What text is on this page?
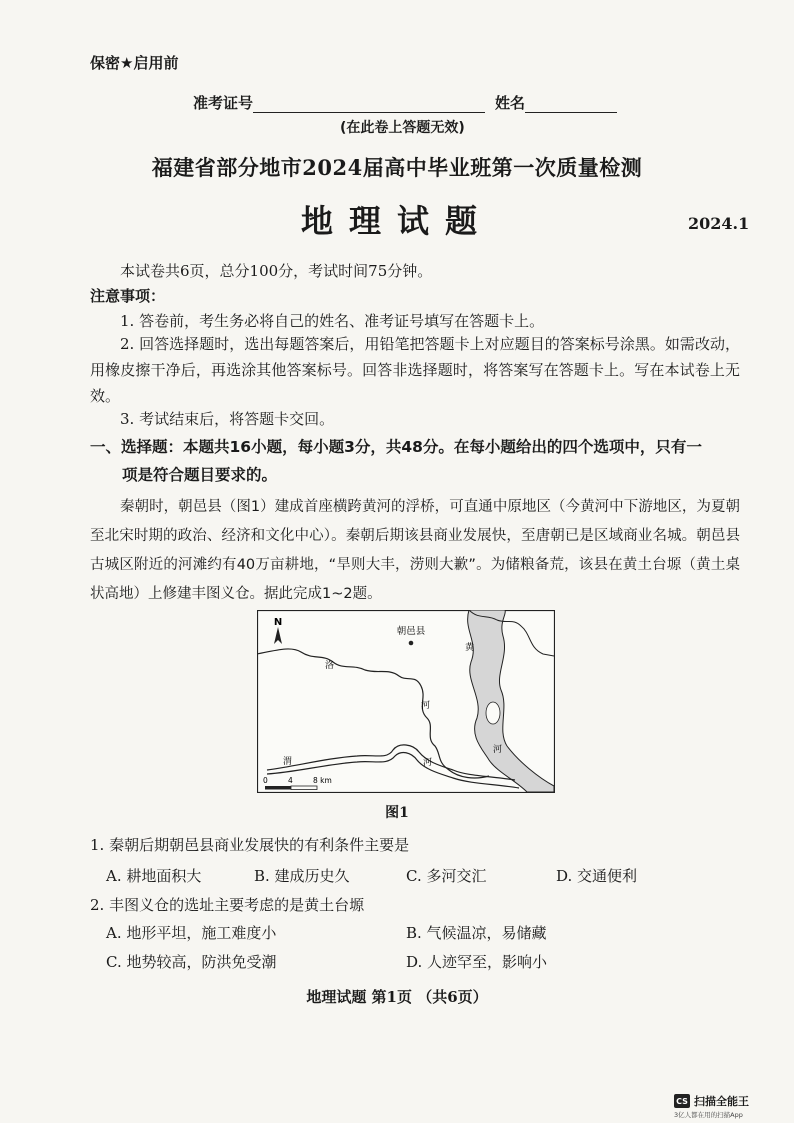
保密★启用前
准考证号	姓名
(在此卷上答题无效)
福建省部分地市2024届高中毕业班第一次质量检测
地理试题	2024.1
本试卷共6页，总分100分，考试时间75分钟。
注意事项：
1. 答卷前，考生务必将自己的姓名、准考证号填写在答题卡上。
2. 回答选择题时，选出每题答案后，用铅笔把答题卡上对应题目的答案标号涂黑。如需改动，用橡皮擦干净后，再选涂其他答案标号。回答非选择题时，将答案写在答题卡上。写在本试卷上无效。
3. 考试结束后，将答题卡交回。
一、选择题：本题共16小题，每小题3分，共48分。在每小题给出的四个选项中，只有一
项是符合题目要求的。
秦朝时，朝邑县（图1）建成首座横跨黄河的浮桥，可直通中原地区（今黄河中下游地区，为夏朝至北宋时期的政治、经济和文化中心）。秦朝后期该县商业发展快，至唐朝已是区域商业名城。朝邑县古城区附近的河滩约有40万亩耕地，“旱则大丰，涝则大歉”。为储粮备荒，该县在黄土台塬（黄土桌状高地）上修建丰图义仓。据此完成1~2题。
N
朝邑县
洛
河
渭	河
黄
河
0	4	8 km
图1
1. 秦朝后期朝邑县商业发展快的有利条件主要是
A. 耕地面积大	B. 建成历史久	C. 多河交汇	D. 交通便利
2. 丰图义仓的选址主要考虑的是黄土台塬
A. 地形平坦，施工难度小	B. 气候温凉，易储藏
C. 地势较高，防洪免受潮	D. 人迹罕至，影响小
地理试题 第1页 （共6页）
CS 扫描全能王
3亿人都在用的扫描App
